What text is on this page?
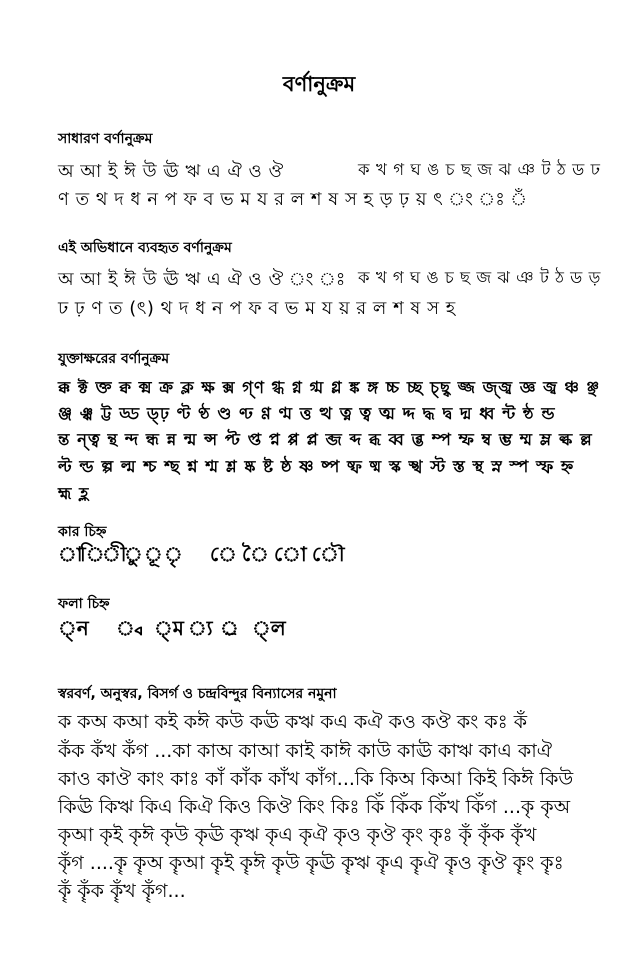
বর্ণানুক্রম
সাধারণ বর্ণানুক্রম
অ আ ই ঈ উ ঊ ঋ এ ঐ ও ঔ	ক খ গ ঘ ঙ চ ছ জ ঝ ঞ ট ঠ ড ঢ
ণ ত থ দ ধ ন প ফ ব ভ ম য র ল শ ষ স হ ড় ঢ় য় ৎ ং ঃ ঁ
এই অভিধানে ব্যবহৃত বর্ণানুক্রম
অ আ ই ঈ উ ঊ ঋ এ ঐ ও ঔ ং ঃ ক খ গ ঘ ঙ চ ছ জ ঝ ঞ ট ঠ ড ড়
ঢ ঢ় ণ ত (ৎ) থ দ ধ ন প ফ ব ভ ম য য় র ল শ ষ স হ
যুক্তাক্ষরের বর্ণানুক্রম
ক্ক ক্ট ক্ত ক্ব ক্ম ক্র ক্ল ক্ষ ক্স গ্ণ গ্ধ গ্ন গ্ম গ্ল ঙ্ক ঙ্গ চ্চ চ্ছ চ্ছ্ব জ্জ জ্জ্ব জ্ঞ জ্ব ঞ্চ ঞ্ছ
ঞ্জ ঞ্ঝ ট্ট ড্ড ড্ঢ় ণ্ট ণ্ঠ ণ্ড ণ্ঢ ণ্ণ ণ্ম ত্ত ত্থ ত্ন ত্ব ত্ম দ্দ দ্ধ দ্ব দ্ম ধ্ব ন্ট ন্ঠ ন্ড
ন্ত ন্ত্ব ন্থ ন্দ ন্ধ ন্ন ন্ম ন্স প্ট প্ত প্ন প্প প্ল ব্জ ব্দ ব্ধ ব্ব ব্ভ ম্প ম্ফ ম্ব ম্ভ ম্ম ম্ল ল্ক ল্ল
ল্ট ল্ড ল্প ল্ম শ্চ শ্ছ শ্ন শ্ম শ্ল ষ্ক ষ্ট ষ্ঠ ষ্ণ ষ্প ষ্ফ ষ্ম স্ক স্খ স্ট স্ত স্থ স্ন স্প স্ফ হ্ন
হ্ম হ্ল
কার চিহ্ন
া
ি
ী
ু ূ ৃ ে ৈ ো ৌ
ফলা চিহ্ন
্ন ্ব ্ম ্য ্র ্ল
স্বরবর্ণ, অনুস্বর, বিসর্গ ও চন্দ্রবিন্দুর বিন্যাসের নমুনা
ক কঅ কআ কই কঈ কউ কঊ কঋ কএ কঐ কও কঔ কং কঃ কঁ
কঁক কঁখ কঁগ ...কা কাঅ কাআ কাই কাঈ কাউ কাঊ কাঋ কাএ কাঐ
কাও কাঔ কাং কাঃ কাঁ কাঁক কাঁখ কাঁগ...কি কিঅ কিআ কিই কিঈ কিউ
কিঊ কিঋ কিএ কিঐ কিও কিঔ কিং কিঃ কিঁ কিঁক কিঁখ কিঁগ ...কৃ কৃঅ
কৃআ কৃই কৃঈ কৃউ কৃঊ কৃঋ কৃএ কৃঐ কৃও কৃঔ কৃং কৃঃ কৃঁ কৃঁক কৃঁখ
কৃঁগ ....কৄ কৄঅ কৄআ কৄই কৄঈ কৄউ কৄঊ কৄঋ কৄএ কৄঐ কৄও কৄঔ কৄং কৄঃ
কৄঁ কৄঁক কৄঁখ কৄঁগ...
